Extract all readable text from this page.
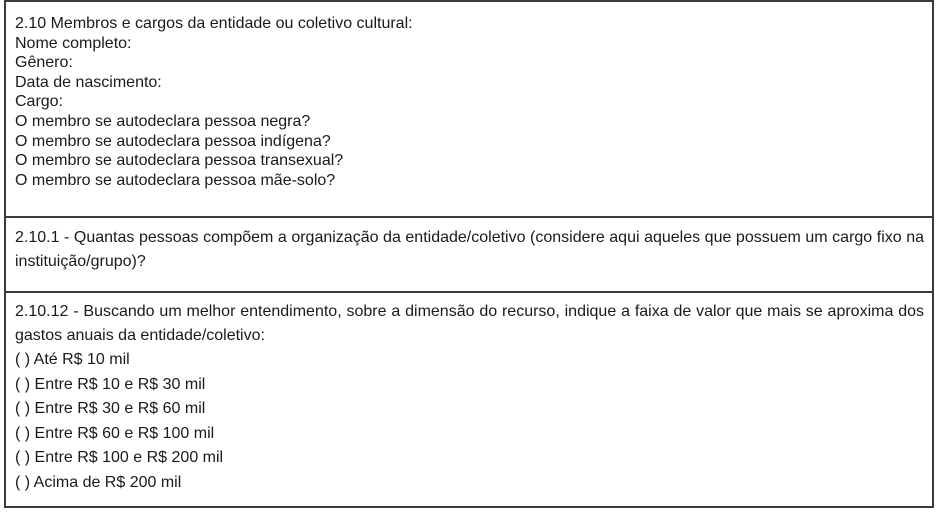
2.10 Membros e cargos da entidade ou coletivo cultural:
Nome completo:
Gênero:
Data de nascimento:
Cargo:
O membro se autodeclara pessoa negra?
O membro se autodeclara pessoa indígena?
O membro se autodeclara pessoa transexual?
O membro se autodeclara pessoa mãe-solo?
2.10.1 - Quantas pessoas compõem a organização da entidade/coletivo (considere aqui aqueles que possuem um cargo fixo na instituição/grupo)?
2.10.12 - Buscando um melhor entendimento, sobre a dimensão do recurso, indique a faixa de valor que mais se aproxima dos gastos anuais da entidade/coletivo:
( ) Até R$ 10 mil
( ) Entre R$ 10 e R$ 30 mil
( ) Entre R$ 30 e R$ 60 mil
( ) Entre R$ 60 e R$ 100 mil
( ) Entre R$ 100 e R$ 200 mil
( ) Acima de R$ 200 mil
